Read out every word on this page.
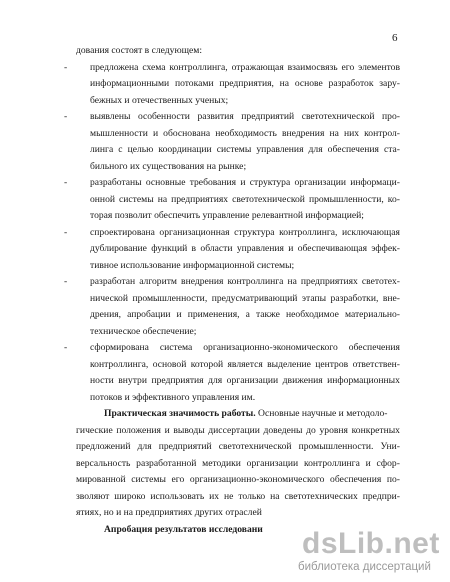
6
дования состоят в следующем:
-	предложена схема контроллинга, отражающая взаимосвязь его элементов
информационными потоками предприятия, на основе разработок зару-
бежных и отечественных ученых;
-	выявлены особенности развития предприятий светотехнической про-
мышленности и обоснована необходимость внедрения на них контрол-
линга с целью координации системы управления для обеспечения ста-
бильного их существования на рынке;
-	разработаны основные требования и структура организации информаци-
онной системы на предприятиях светотехнической промышленности, ко-
торая позволит обеспечить управление релевантной информацией;
-	спроектирована организационная структура контроллинга, исключающая
дублирование функций в области управления и обеспечивающая эффек-
тивное использование информационной системы;
-	разработан алгоритм внедрения контроллинга на предприятиях светотех-
нической промышленности, предусматривающий этапы разработки, вне-
дрения, апробации и применения, а также необходимое материально-
техническое обеспечение;
-	сформирована система организационно-экономического обеспечения
контроллинга, основой которой является выделение центров ответствен-
ности внутри предприятия для организации движения информационных
потоков и эффективного управления им.
Практическая значимость работы. Основные научные и методоло-
гические положения и выводы диссертации доведены до уровня конкретных
предложений для предприятий светотехнической промышленности. Уни-
версальность разработанной методики организации контроллинга и сфор-
мированной системы его организационно-экономического обеспечения по-
зволяют широко использовать их не только на светотехнических предпри-
ятиях, но и на предприятиях других отраслей
Апробация результатов исследовани dsLib.net
библиотека диссертаций
